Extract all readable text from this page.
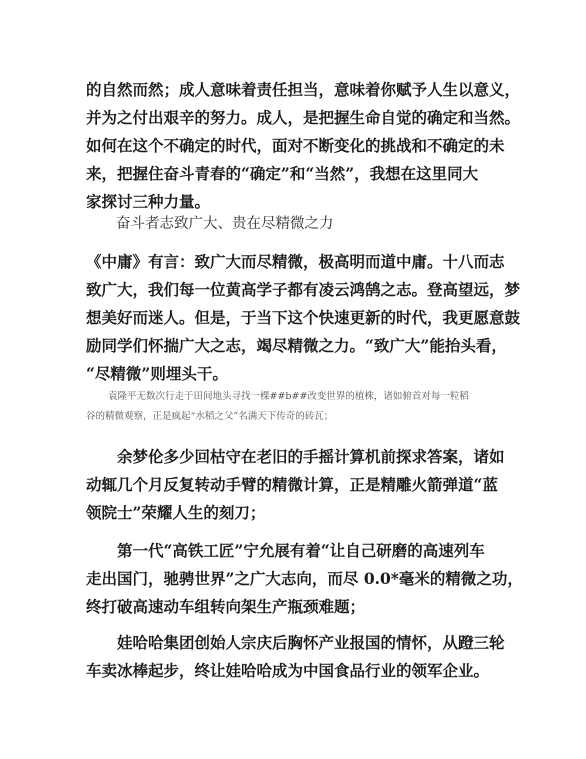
的自然而然；成人意味着责任担当，意味着你赋予人生以意义，
并为之付出艰辛的努力。成人，是把握生命自觉的确定和当然。
如何在这个不确定的时代，面对不断变化的挑战和不确定的未
来，把握住奋斗青春的“确定”和“当然”，我想在这里同大
家探讨三种力量。
奋斗者志致广大、贵在尽精微之力
《中庸》有言：致广大而尽精微，极高明而道中庸。十八而志
致广大，我们每一位黄高学子都有凌云鸿鹄之志。登高望远，梦
想美好而迷人。但是，于当下这个快速更新的时代，我更愿意鼓
励同学们怀揣广大之志，竭尽精微之力。“致广大”能抬头看，
“尽精微”则埋头干。
袁隆平无数次行走于田间地头寻找一棵##b##改变世界的植株，诸如俯首对每一粒稻
谷的精微观察，正是疯起“水稻之父”名满天下传奇的砖瓦；
余梦伦多少回枯守在老旧的手摇计算机前探求答案，诸如
动辄几个月反复转动手臂的精微计算，正是精雕火箭弹道“蓝
领院士”荣耀人生的刻刀；
第一代“高铁工匠”宁允展有着“让自己研磨的高速列车
走出国门，驰骋世界”之广大志向，而尽 0.0*毫米的精微之功，
终打破高速动车组转向架生产瓶颈难题；
娃哈哈集团创始人宗庆后胸怀产业报国的情怀，从蹬三轮
车卖冰棒起步，终让娃哈哈成为中国食品行业的领军企业。
